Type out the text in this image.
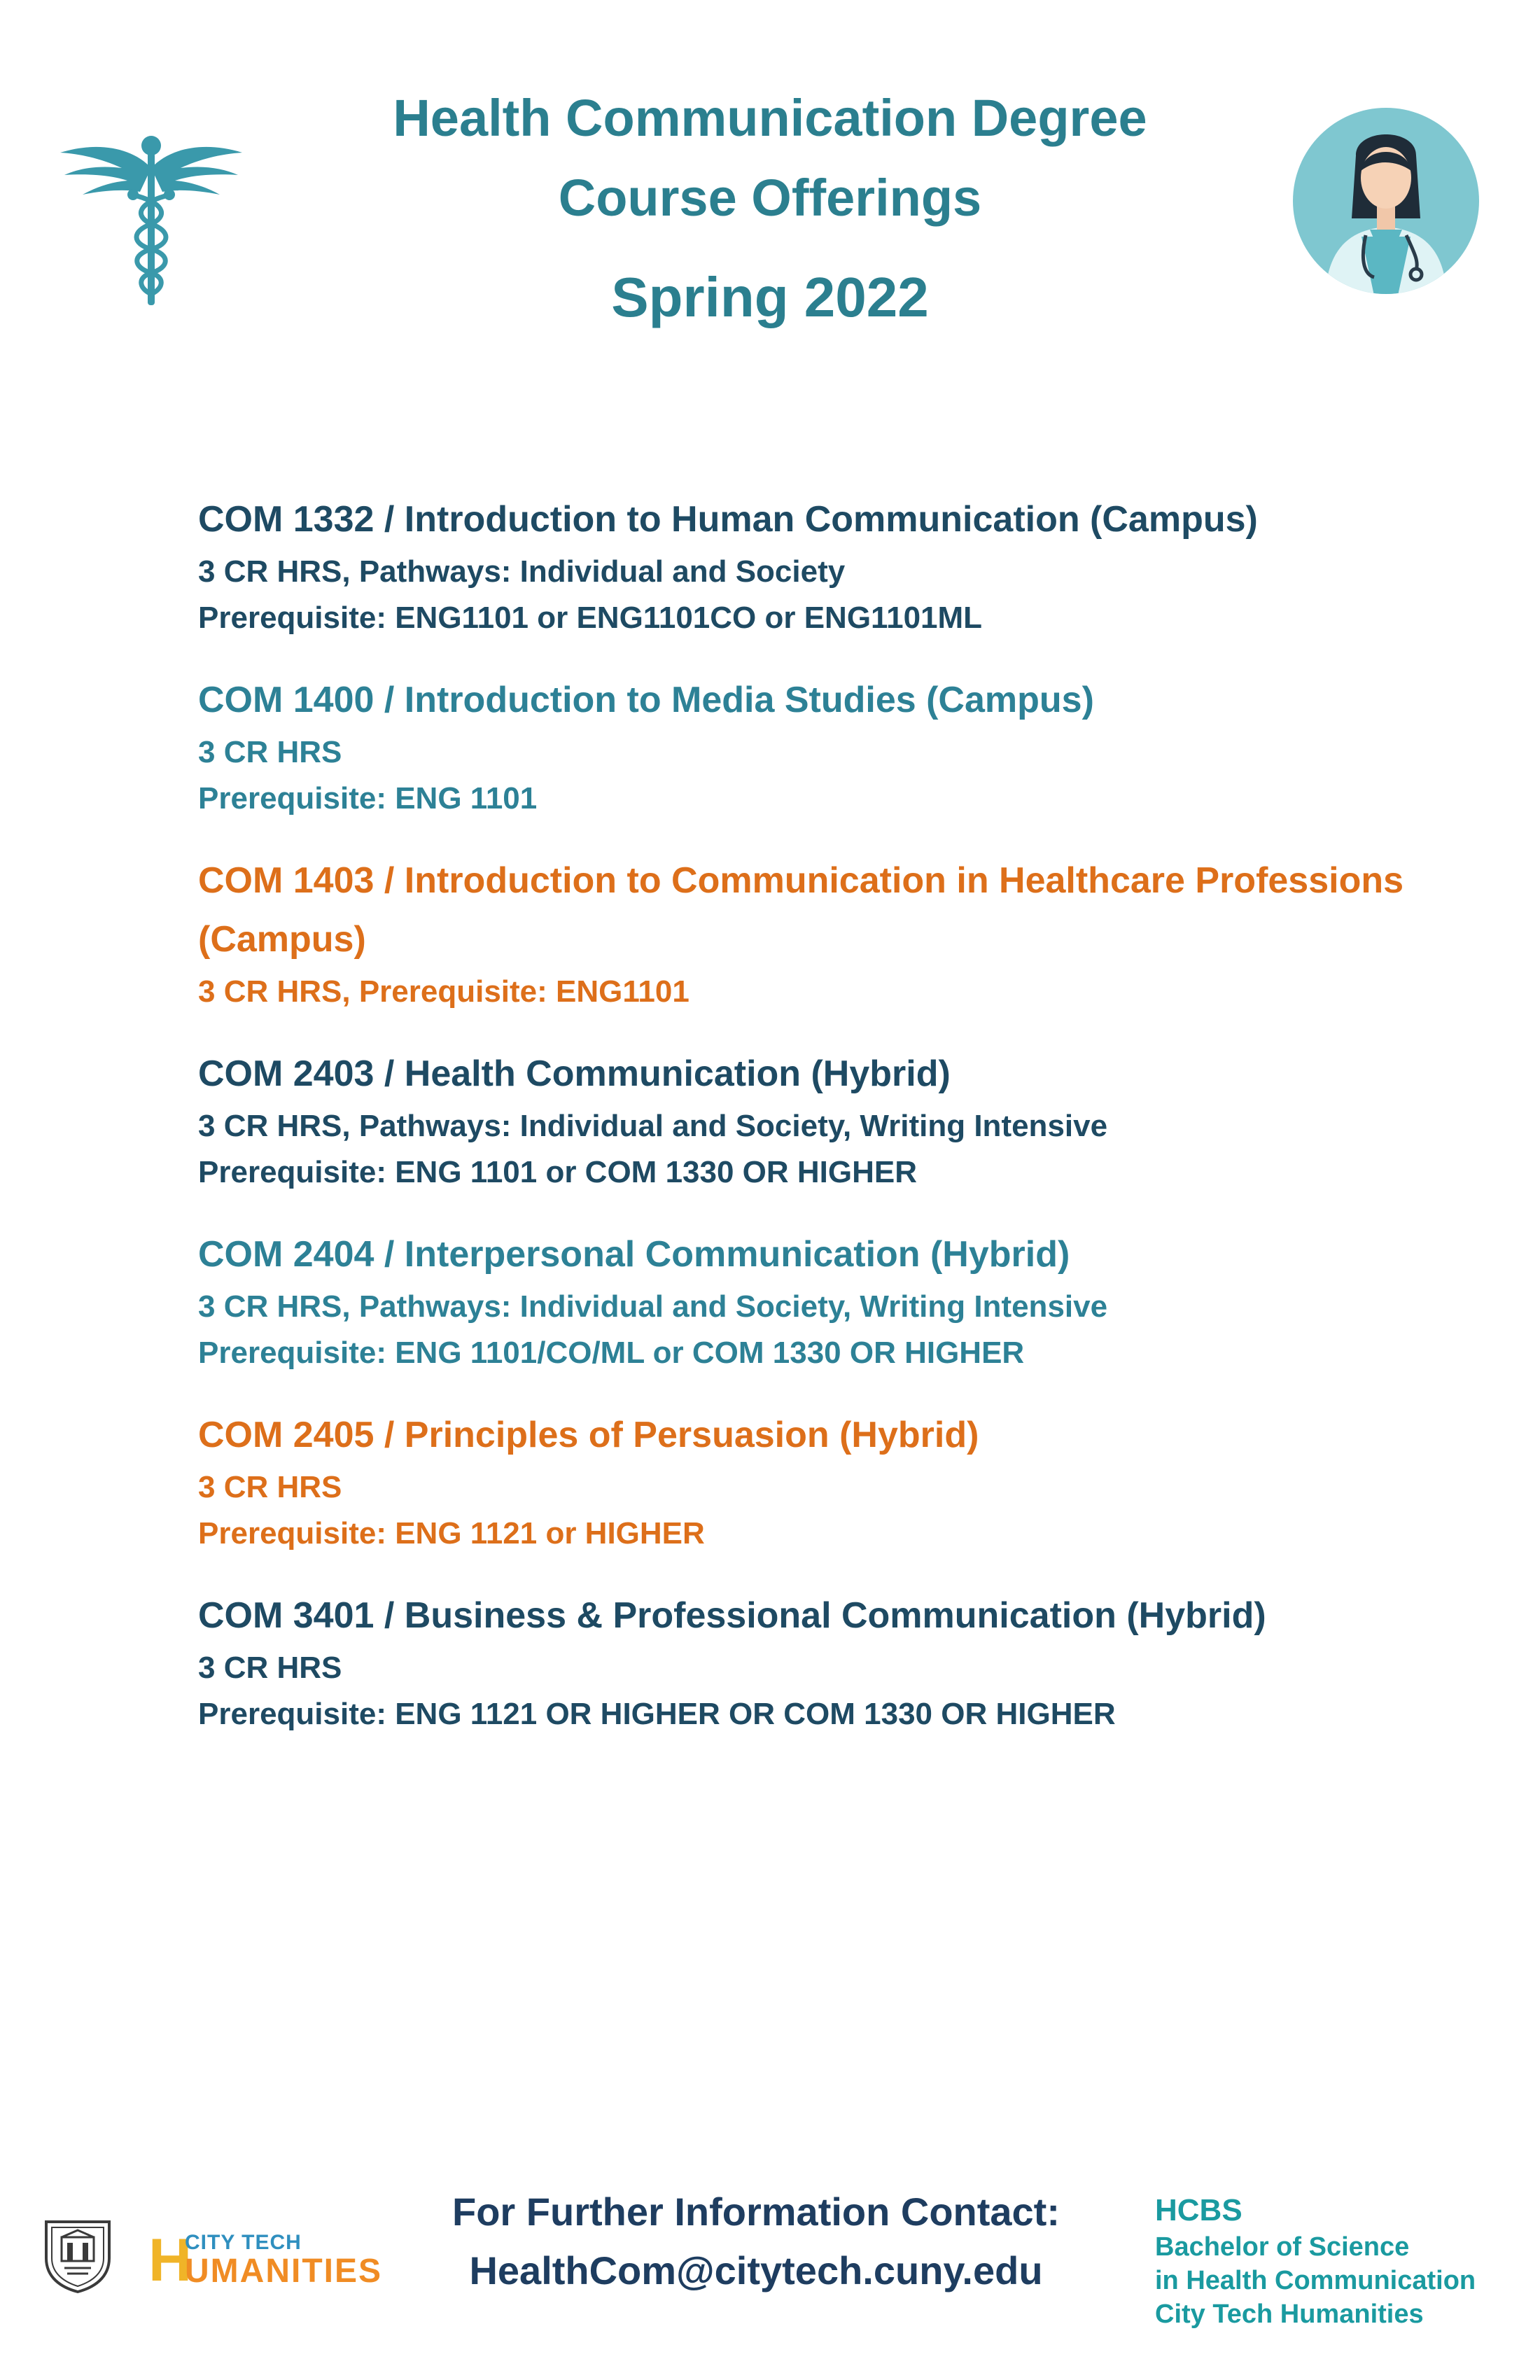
Health Communication Degree
Course Offerings
Spring 2022
COM 1332 / Introduction to Human Communication (Campus)
3 CR HRS, Pathways: Individual and Society
Prerequisite: ENG1101 or ENG1101CO or ENG1101ML
COM 1400 / Introduction to Media Studies (Campus)
3 CR HRS
Prerequisite: ENG 1101
COM 1403 / Introduction to Communication in Healthcare Professions (Campus)
3 CR HRS, Prerequisite: ENG1101
COM 2403 / Health Communication (Hybrid)
3 CR HRS, Pathways: Individual and Society, Writing Intensive
Prerequisite: ENG 1101 or COM 1330 OR HIGHER
COM 2404 / Interpersonal Communication (Hybrid)
3 CR HRS, Pathways: Individual and Society, Writing Intensive
Prerequisite: ENG 1101/CO/ML or COM 1330 OR HIGHER
COM 2405 / Principles of Persuasion (Hybrid)
3 CR HRS
Prerequisite: ENG 1121 or HIGHER
COM 3401 / Business & Professional Communication (Hybrid)
3 CR HRS
Prerequisite: ENG 1121 OR HIGHER OR COM 1330 OR HIGHER
H
CITY TECH
UMANITIES
For Further Information Contact:
HealthCom@citytech.cuny.edu
HCBS
Bachelor of Science
in Health Communication
City Tech Humanities
